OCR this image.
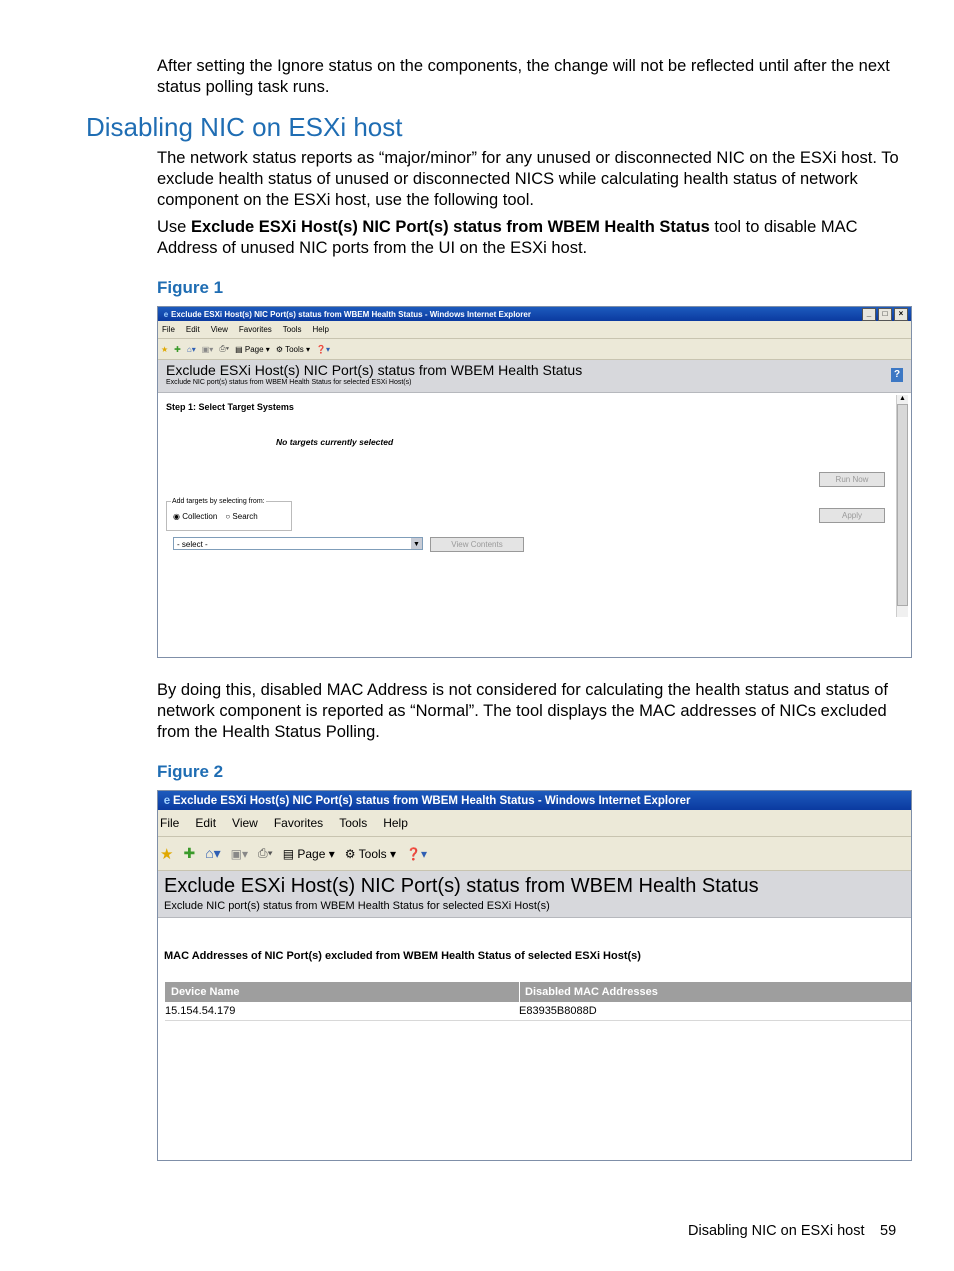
After setting the Ignore status on the components, the change will not be reflected until after the next status polling task runs.
Disabling NIC on ESXi host
The network status reports as “major/minor” for any unused or disconnected NIC on the ESXi host. To exclude health status of unused or disconnected NICS while calculating health status of network component on the ESXi host, use the following tool.
Use Exclude ESXi Host(s) NIC Port(s) status from WBEM Health Status tool to disable MAC Address of unused NIC ports from the UI on the ESXi host.
Figure 1
e Exclude ESXi Host(s) NIC Port(s) status from WBEM Health Status - Windows Internet Explorer	_	□	×
File Edit View Favorites Tools Help
★ ✚ ⌂▾ ▣▾ ⎙▾ ▤ Page ▾ ⚙ Tools ▾ ❓▾
Exclude ESXi Host(s) NIC Port(s) status from WBEM Health Status
Exclude NIC port(s) status from WBEM Health Status for selected ESXi Host(s)
?
Step 1: Select Target Systems
No targets currently selected
Run Now
Apply
Add targets by selecting from:
◉ Collection ○ Search
- select -	▼	View Contents
▲
By doing this, disabled MAC Address is not considered for calculating the health status and status of network component is reported as “Normal”. The tool displays the MAC addresses of NICs excluded from the Health Status Polling.
Figure 2
e Exclude ESXi Host(s) NIC Port(s) status from WBEM Health Status - Windows Internet Explorer
File Edit View Favorites Tools Help
★ ✚ ⌂▾ ▣▾ ⎙▾ ▤ Page ▾ ⚙ Tools ▾ ❓▾
Exclude ESXi Host(s) NIC Port(s) status from WBEM Health Status
Exclude NIC port(s) status from WBEM Health Status for selected ESXi Host(s)
MAC Addresses of NIC Port(s) excluded from WBEM Health Status of selected ESXi Host(s)
Device Name	Disabled MAC Addresses
15.154.54.179	E83935B8088D
Disabling NIC on ESXi host 59
